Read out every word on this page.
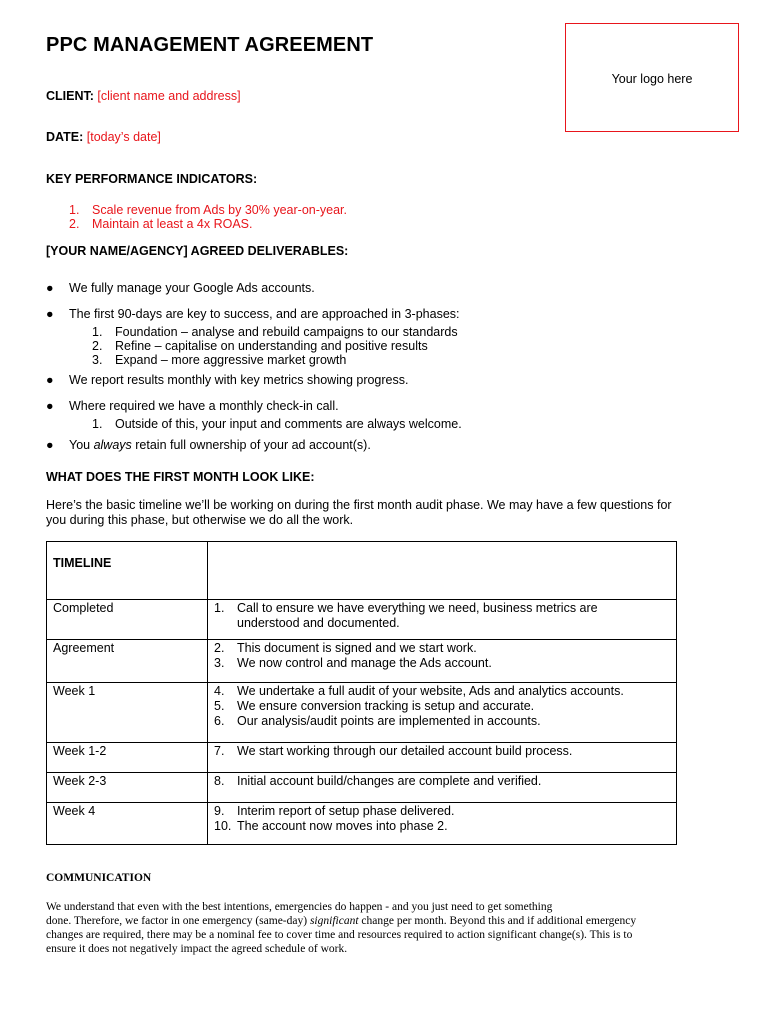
PPC MANAGEMENT AGREEMENT
Your logo here
CLIENT: [client name and address]
DATE: [today’s date]
KEY PERFORMANCE INDICATORS:
1. Scale revenue from Ads by 30% year-on-year.
2. Maintain at least a 4x ROAS.
[YOUR NAME/AGENCY] AGREED DELIVERABLES:
● We fully manage your Google Ads accounts.
● The first 90-days are key to success, and are approached in 3-phases:
1. Foundation – analyse and rebuild campaigns to our standards
2. Refine – capitalise on understanding and positive results
3. Expand – more aggressive market growth
● We report results monthly with key metrics showing progress.
● Where required we have a monthly check-in call.
1. Outside of this, your input and comments are always welcome.
● You always retain full ownership of your ad account(s).
WHAT DOES THE FIRST MONTH LOOK LIKE:
Here’s the basic timeline we’ll be working on during the first month audit phase. We may have a few questions for
you during this phase, but otherwise we do all the work.
TIMELINE	
Completed	1. Call to ensure we have everything we need, business metrics are
understood and documented.

Agreement	2. This document is signed and we start work.
3. We now control and manage the Ads account.

Week 1	4. We undertake a full audit of your website, Ads and analytics accounts.
5. We ensure conversion tracking is setup and accurate.
6. Our analysis/audit points are implemented in accounts.

Week 1-2	7. We start working through our detailed account build process.

Week 2-3	8. Initial account build/changes are complete and verified.

Week 4	9. Interim report of setup phase delivered.
10. The account now moves into phase 2.
COMMUNICATION
We understand that even with the best intentions, emergencies do happen - and you just need to get something
done. Therefore, we factor in one emergency (same-day) significant change per month. Beyond this and if additional emergency
changes are required, there may be a nominal fee to cover time and resources required to action significant change(s). This is to
ensure it does not negatively impact the agreed schedule of work.
